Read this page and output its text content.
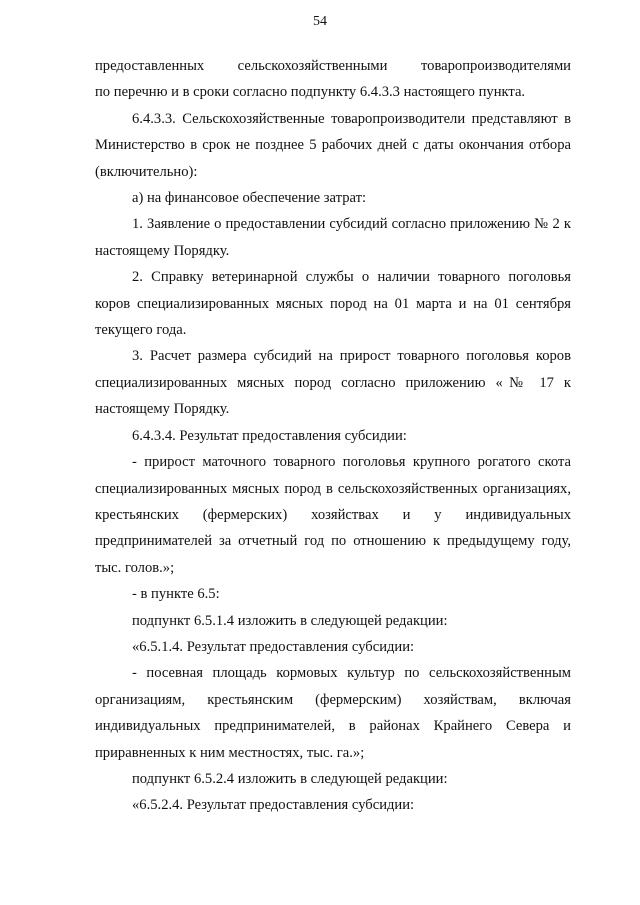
54

предоставленных сельскохозяйственными товаропроизводителями

по перечню и в сроки согласно подпункту 6.4.3.3 настоящего пункта.

6.4.3.3. Сельскохозяйственные товаропроизводители представляют в Министерство в срок не позднее 5 рабочих дней с даты окончания отбора (включительно):

а) на финансовое обеспечение затрат:

1. Заявление о предоставлении субсидий согласно приложению № 2 к настоящему Порядку.

2. Справку ветеринарной службы о наличии товарного поголовья коров специализированных мясных пород на 01 марта и на 01 сентября текущего года.

3. Расчет размера субсидий на прирост товарного поголовья коров специализированных мясных пород согласно приложению «№ 17 к настоящему Порядку.

6.4.3.4. Результат предоставления субсидии:

- прирост маточного товарного поголовья крупного рогатого скота специализированных мясных пород в сельскохозяйственных организациях, крестьянских (фермерских) хозяйствах и у индивидуальных предпринимателей за отчетный год по отношению к предыдущему году, тыс. голов.»;

- в пункте 6.5:

подпункт 6.5.1.4 изложить в следующей редакции:

«6.5.1.4. Результат предоставления субсидии:

- посевная площадь кормовых культур по сельскохозяйственным организациям, крестьянским (фермерским) хозяйствам, включая индивидуальных предпринимателей, в районах Крайнего Севера и приравненных к ним местностях, тыс. га.»;

подпункт 6.5.2.4 изложить в следующей редакции:

«6.5.2.4. Результат предоставления субсидии:
